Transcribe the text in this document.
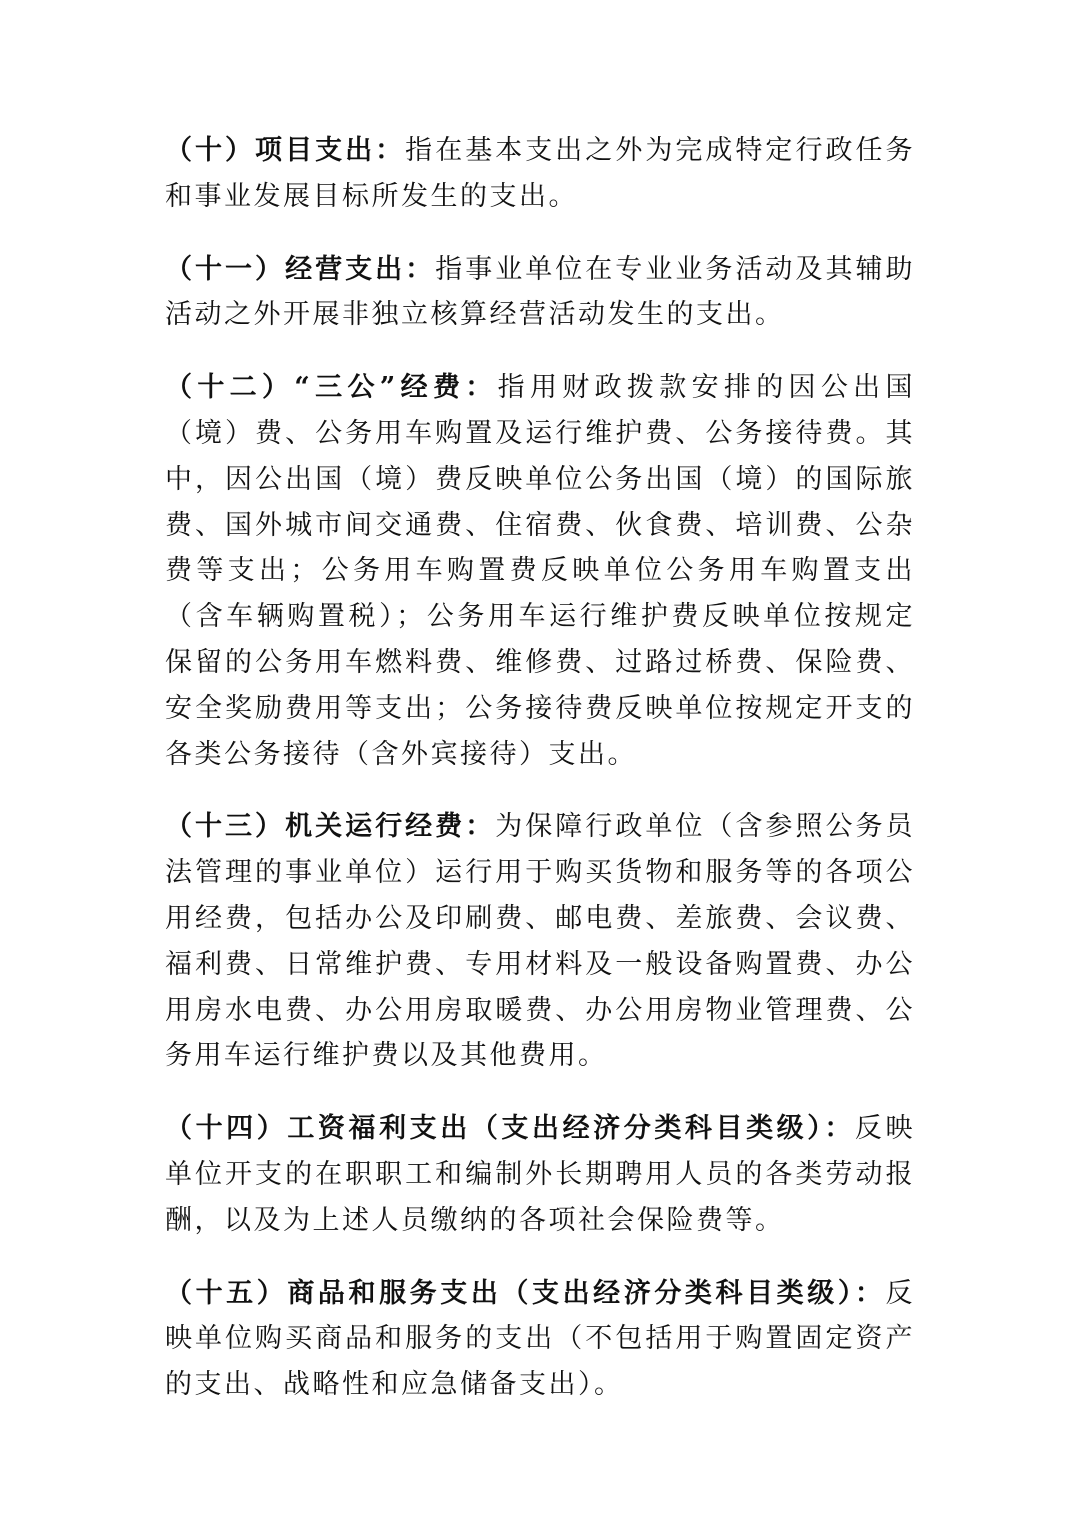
（十）项目支出：指在基本支出之外为完成特定行政任务和事业发展目标所发生的支出。

（十一）经营支出：指事业单位在专业业务活动及其辅助活动之外开展非独立核算经营活动发生的支出。

（十二）“三公”经费：指用财政拨款安排的因公出国（境）费、公务用车购置及运行维护费、公务接待费。其中，因公出国（境）费反映单位公务出国（境）的国际旅费、国外城市间交通费、住宿费、伙食费、培训费、公杂费等支出；公务用车购置费反映单位公务用车购置支出（含车辆购置税）；公务用车运行维护费反映单位按规定保留的公务用车燃料费、维修费、过路过桥费、保险费、安全奖励费用等支出；公务接待费反映单位按规定开支的各类公务接待（含外宾接待）支出。

（十三）机关运行经费：为保障行政单位（含参照公务员法管理的事业单位）运行用于购买货物和服务等的各项公用经费，包括办公及印刷费、邮电费、差旅费、会议费、福利费、日常维护费、专用材料及一般设备购置费、办公用房水电费、办公用房取暖费、办公用房物业管理费、公务用车运行维护费以及其他费用。

（十四）工资福利支出（支出经济分类科目类级）：反映单位开支的在职职工和编制外长期聘用人员的各类劳动报酬，以及为上述人员缴纳的各项社会保险费等。

（十五）商品和服务支出（支出经济分类科目类级）：反映单位购买商品和服务的支出（不包括用于购置固定资产的支出、战略性和应急储备支出）。
